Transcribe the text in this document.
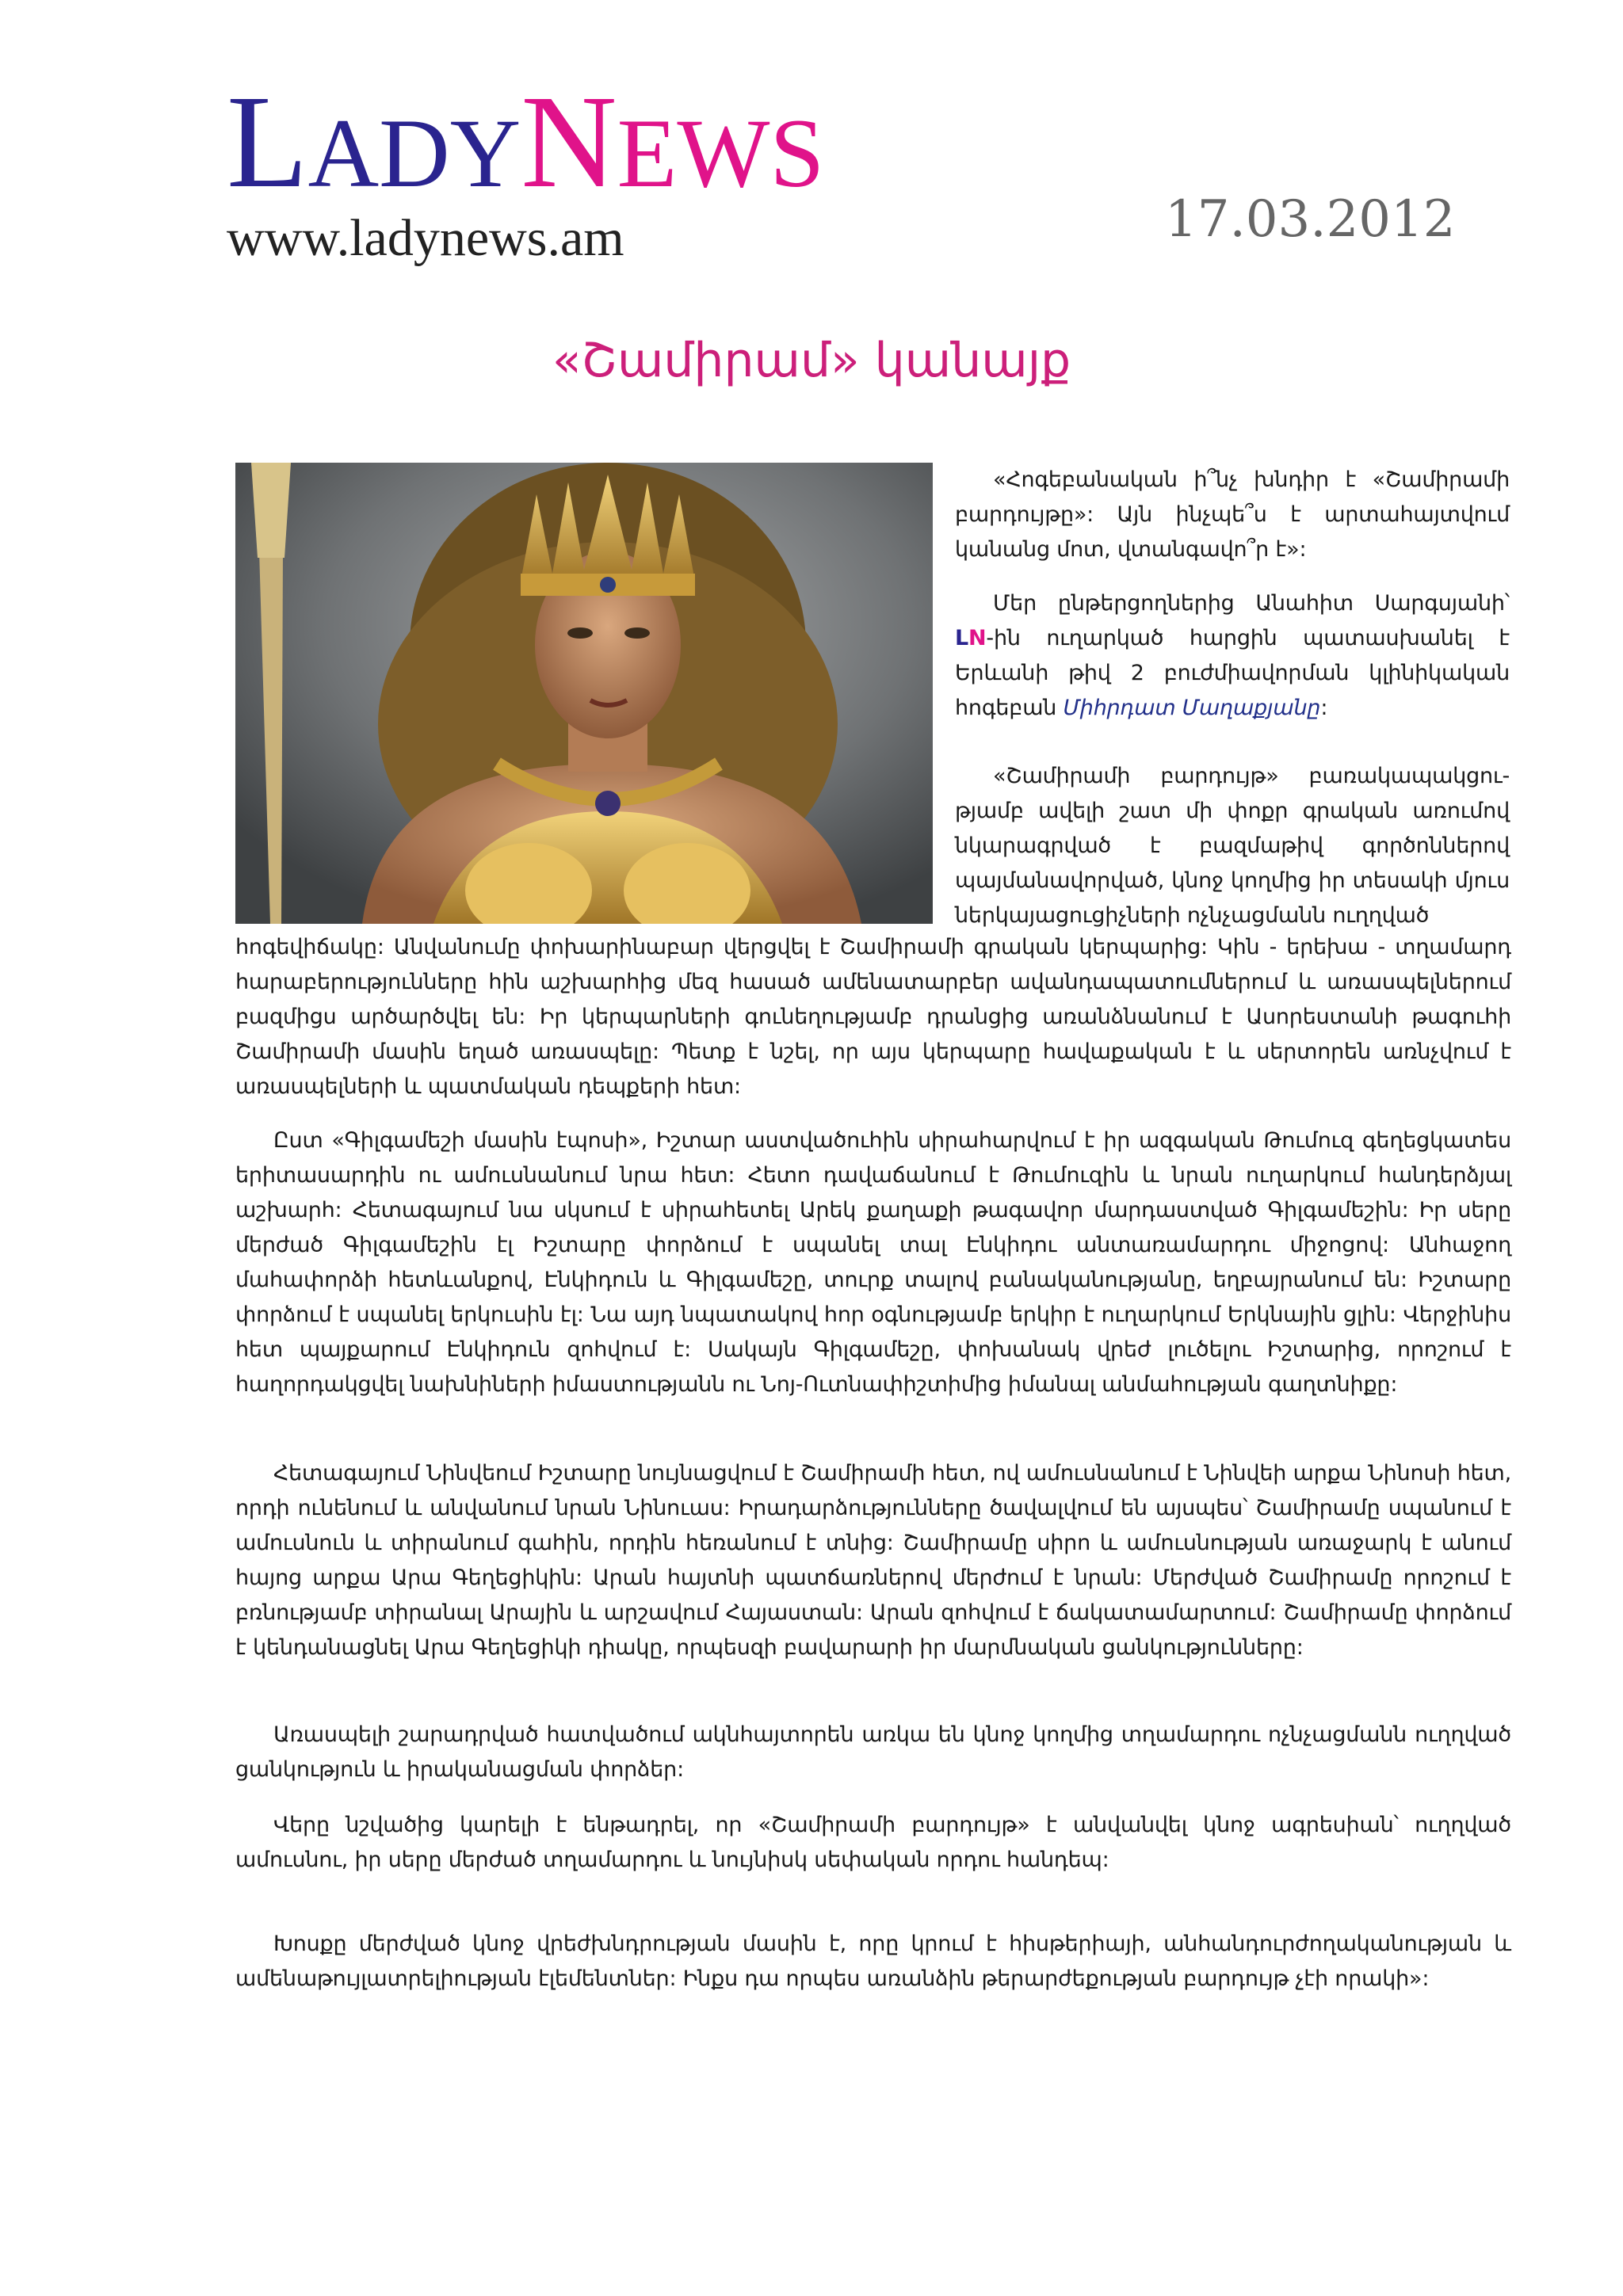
LADYNEWS
www.ladynews.am	17.03.2012
«Շամիրամ» կանայք

«Հոգեբանական ի՞նչ խնդիր է «Շամիրամի բարդույթը»: Այն ինչպե՞ս է արտահայտվում կանանց մոտ, վտանգավո՞ր է»:

Մեր ընթերցողներից Անահիտ Սարգսյանի՝ LN-ին ուղարկած հարցին պատասխանել է Երևանի թիվ 2 բուժմիավորման կլինիկական հոգեբան Միհրդատ Մաղաքյանը:

«Շամիրամի բարդույթ» բառակապակցու-թյամբ ավելի շատ մի փոքր գրական առումով նկարագրված է բազմաթիվ գործոններով պայմանավորված, կնոջ կողմից իր տեսակի մյուս ներկայացուցիչների ոչնչացմանն ուղղված

հոգեվիճակը: Անվանումը փոխարինաբար վերցվել է Շամիրամի գրական կերպարից: Կին - երեխա - տղամարդ հարաբերությունները հին աշխարհից մեզ հասած ամենատարբեր ավանդապատումներում և առասպելներում բազմիցս արծարծվել են: Իր կերպարների գունեղությամբ դրանցից առանձնանում է Ասորեստանի թագուհի Շամիրամի մասին եղած առասպելը: Պետք է նշել, որ այս կերպարը հավաքական է և սերտորեն առնչվում է առասպելների և պատմական դեպքերի հետ:

Ըստ «Գիլգամեշի մասին էպոսի», Իշտար աստվածուհին սիրահարվում է իր ազգական Թումուզ գեղեցկատես երիտասարդին ու ամուսնանում նրա հետ: Հետո դավաճանում է Թումուզին և նրան ուղարկում հանդերձյալ աշխարհ: Հետագայում նա սկսում է սիրահետել Արեկ քաղաքի թագավոր մարդաստված Գիլգամեշին: Իր սերը մերժած Գիլգամեշին էլ Իշտարը փորձում է սպանել տալ Էնկիդու անտառամարդու միջոցով: Անհաջող մահափորձի հետևանքով, Էնկիդուն և Գիլգամեշը, տուրք տալով բանականությանը, եղբայրանում են: Իշտարը փորձում է սպանել երկուսին էլ: Նա այդ նպատակով հոր օգնությամբ երկիր է ուղարկում Երկնային ցլին: Վերջինիս հետ պայքարում Էնկիդուն զոհվում է: Սակայն Գիլգամեշը, փոխանակ վրեժ լուծելու Իշտարից, որոշում է հաղորդակցվել նախնիների իմաստությանն ու Նոյ-Ուտնափիշտիմից իմանալ անմահության գաղտնիքը:

Հետագայում Նինվեում Իշտարը նույնացվում է Շամիրամի հետ, ով ամուսնանում է Նինվեի արքա Նինոսի հետ, որդի ունենում և անվանում նրան Նինուաս: Իրադարձությունները ծավալվում են այսպես՝ Շամիրամը սպանում է ամուսնուն և տիրանում գահին, որդին հեռանում է տնից: Շամիրամը սիրո և ամուսնության առաջարկ է անում հայոց արքա Արա Գեղեցիկին: Արան հայտնի պատճառներով մերժում է նրան: Մերժված Շամիրամը որոշում է բռնությամբ տիրանալ Արային և արշավում Հայաստան: Արան զոհվում է ճակատամարտում: Շամիրամը փորձում է կենդանացնել Արա Գեղեցիկի դիակը, որպեսզի բավարարի իր մարմնական ցանկությունները:

Առասպելի շարադրված հատվածում ակնհայտորեն առկա են կնոջ կողմից տղամարդու ոչնչացմանն ուղղված ցանկություն և իրականացման փորձեր:

Վերը նշվածից կարելի է ենթադրել, որ «Շամիրամի բարդույթ» է անվանվել կնոջ ագրեսիան՝ ուղղված ամուսնու, իր սերը մերժած տղամարդու և նույնիսկ սեփական որդու հանդեպ:

Խոսքը մերժված կնոջ վրեժխնդրության մասին է, որը կրում է հիսթերիայի, անհանդուրժողականության և ամենաթույլատրելիության էլեմենտներ: Ինքս դա որպես առանձին թերարժեքության բարդույթ չէի որակի»:
